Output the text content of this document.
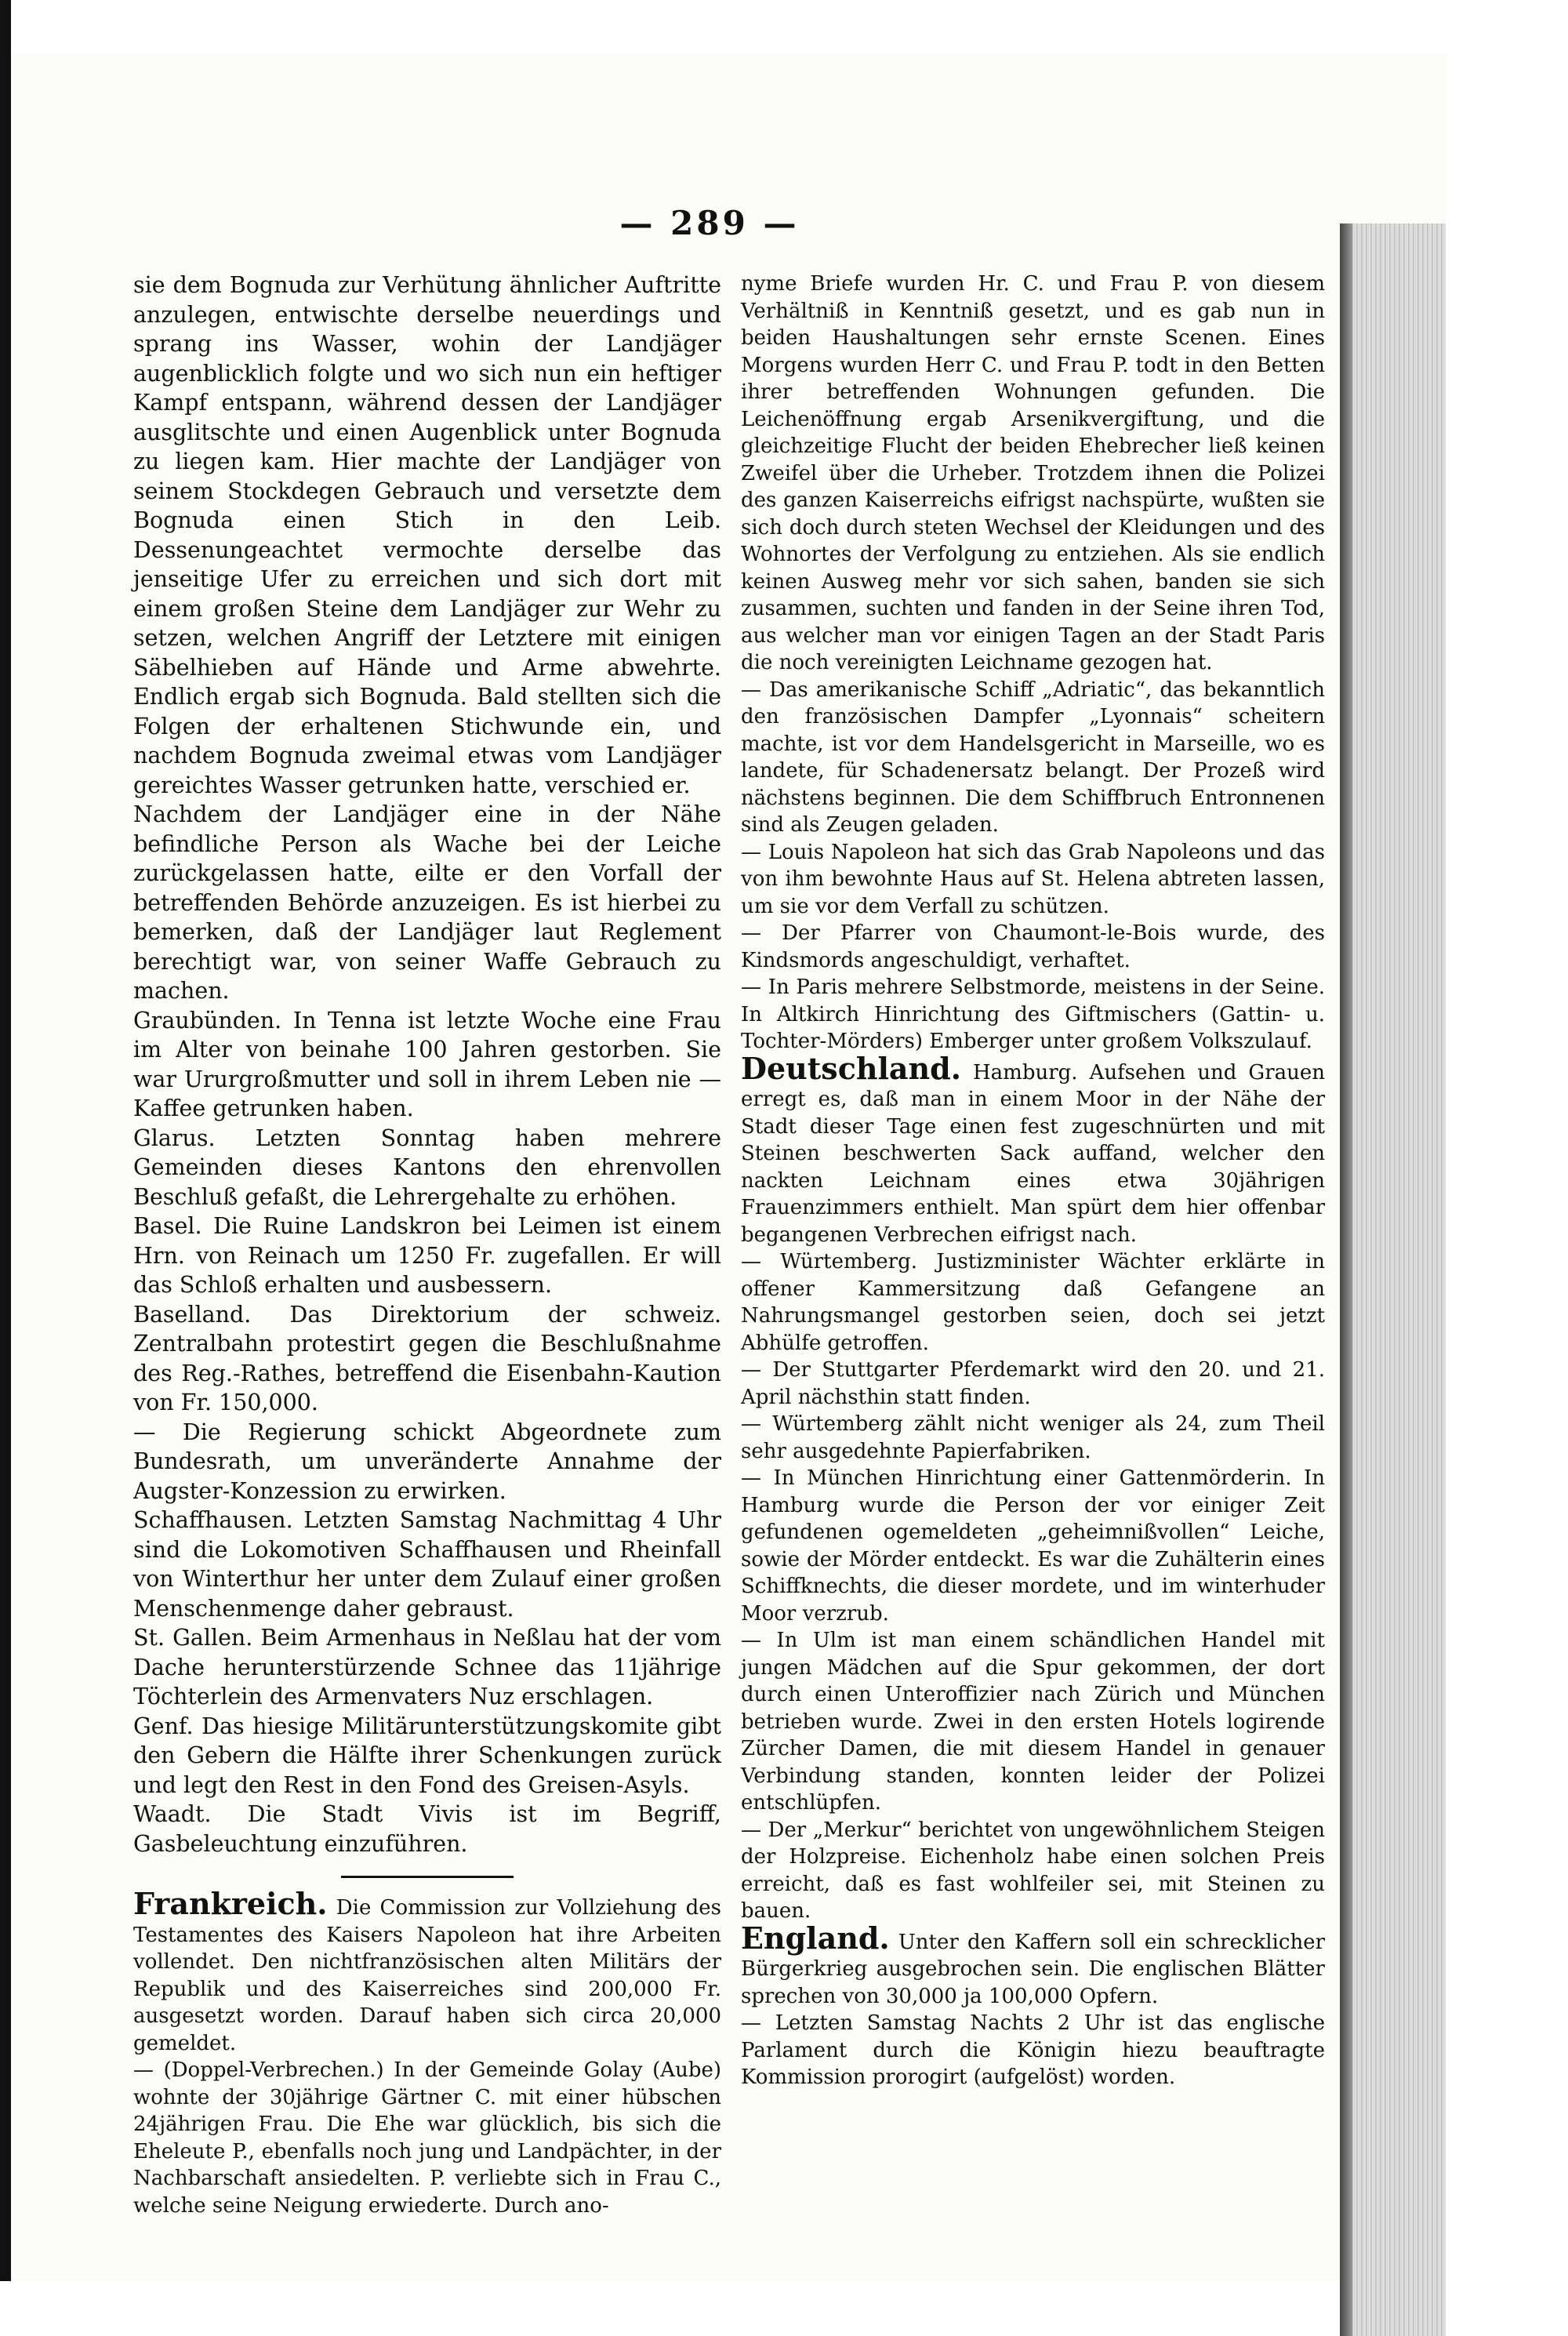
— 289 —

sie dem Bognuda zur Verhütung ähnlicher Auftritte anzulegen, entwischte derselbe neuerdings und sprang ins Wasser, wohin der Landjäger augenblicklich folgte und wo sich nun ein heftiger Kampf entspann, während dessen der Landjäger ausglitschte und einen Augenblick unter Bognuda zu liegen kam. Hier machte der Landjäger von seinem Stockdegen Gebrauch und versetzte dem Bognuda einen Stich in den Leib. Dessenungeachtet vermochte derselbe das jenseitige Ufer zu erreichen und sich dort mit einem großen Steine dem Landjäger zur Wehr zu setzen, welchen Angriff der Letztere mit einigen Säbelhieben auf Hände und Arme abwehrte. Endlich ergab sich Bognuda. Bald stellten sich die Folgen der erhaltenen Stichwunde ein, und nachdem Bognuda zweimal etwas vom Landjäger gereichtes Wasser getrunken hatte, verschied er.

Nachdem der Landjäger eine in der Nähe befindliche Person als Wache bei der Leiche zurückgelassen hatte, eilte er den Vorfall der betreffenden Behörde anzuzeigen. Es ist hierbei zu bemerken, daß der Landjäger laut Reglement berechtigt war, von seiner Waffe Gebrauch zu machen.

Graubünden. In Tenna ist letzte Woche eine Frau im Alter von beinahe 100 Jahren gestorben. Sie war Ururgroßmutter und soll in ihrem Leben nie — Kaffee getrunken haben.

Glarus. Letzten Sonntag haben mehrere Gemeinden dieses Kantons den ehrenvollen Beschluß gefaßt, die Lehrergehalte zu erhöhen.

Basel. Die Ruine Landskron bei Leimen ist einem Hrn. von Reinach um 1250 Fr. zugefallen. Er will das Schloß erhalten und ausbessern.

Baselland. Das Direktorium der schweiz. Zentralbahn protestirt gegen die Beschlußnahme des Reg.-Rathes, betreffend die Eisenbahn-Kaution von Fr. 150,000.

— Die Regierung schickt Abgeordnete zum Bundesrath, um unveränderte Annahme der Augster-Konzession zu erwirken.

Schaffhausen. Letzten Samstag Nachmittag 4 Uhr sind die Lokomotiven Schaffhausen und Rheinfall von Winterthur her unter dem Zulauf einer großen Menschenmenge daher gebraust.

St. Gallen. Beim Armenhaus in Neßlau hat der vom Dache herunterstürzende Schnee das 11jährige Töchterlein des Armenvaters Nuz erschlagen.

Genf. Das hiesige Militärunterstützungskomite gibt den Gebern die Hälfte ihrer Schenkungen zurück und legt den Rest in den Fond des Greisen-Asyls.

Waadt. Die Stadt Vivis ist im Begriff, Gasbeleuchtung einzuführen.

Frankreich. Die Commission zur Vollziehung des Testamentes des Kaisers Napoleon hat ihre Arbeiten vollendet. Den nichtfranzösischen alten Militärs der Republik und des Kaiserreiches sind 200,000 Fr. ausgesetzt worden. Darauf haben sich circa 20,000 gemeldet.

— (Doppel-Verbrechen.) In der Gemeinde Golay (Aube) wohnte der 30jährige Gärtner C. mit einer hübschen 24jährigen Frau. Die Ehe war glücklich, bis sich die Eheleute P., ebenfalls noch jung und Landpächter, in der Nachbarschaft ansiedelten. P. verliebte sich in Frau C., welche seine Neigung erwiederte. Durch ano-

nyme Briefe wurden Hr. C. und Frau P. von diesem Verhältniß in Kenntniß gesetzt, und es gab nun in beiden Haushaltungen sehr ernste Scenen. Eines Morgens wurden Herr C. und Frau P. todt in den Betten ihrer betreffenden Wohnungen gefunden. Die Leichenöffnung ergab Arsenikvergiftung, und die gleichzeitige Flucht der beiden Ehebrecher ließ keinen Zweifel über die Urheber. Trotzdem ihnen die Polizei des ganzen Kaiserreichs eifrigst nachspürte, wußten sie sich doch durch steten Wechsel der Kleidungen und des Wohnortes der Verfolgung zu entziehen. Als sie endlich keinen Ausweg mehr vor sich sahen, banden sie sich zusammen, suchten und fanden in der Seine ihren Tod, aus welcher man vor einigen Tagen an der Stadt Paris die noch vereinigten Leichname gezogen hat.

— Das amerikanische Schiff „Adriatic“, das bekanntlich den französischen Dampfer „Lyonnais“ scheitern machte, ist vor dem Handelsgericht in Marseille, wo es landete, für Schadenersatz belangt. Der Prozeß wird nächstens beginnen. Die dem Schiffbruch Entronnenen sind als Zeugen geladen.

— Louis Napoleon hat sich das Grab Napoleons und das von ihm bewohnte Haus auf St. Helena abtreten lassen, um sie vor dem Verfall zu schützen.

— Der Pfarrer von Chaumont-le-Bois wurde, des Kindsmords angeschuldigt, verhaftet.

— In Paris mehrere Selbstmorde, meistens in der Seine. In Altkirch Hinrichtung des Giftmischers (Gattin- u. Tochter-Mörders) Emberger unter großem Volkszulauf.

Deutschland. Hamburg. Aufsehen und Grauen erregt es, daß man in einem Moor in der Nähe der Stadt dieser Tage einen fest zugeschnürten und mit Steinen beschwerten Sack auffand, welcher den nackten Leichnam eines etwa 30jährigen Frauenzimmers enthielt. Man spürt dem hier offenbar begangenen Verbrechen eifrigst nach.

— Würtemberg. Justizminister Wächter erklärte in offener Kammersitzung daß Gefangene an Nahrungsmangel gestorben seien, doch sei jetzt Abhülfe getroffen.

— Der Stuttgarter Pferdemarkt wird den 20. und 21. April nächsthin statt finden.

— Würtemberg zählt nicht weniger als 24, zum Theil sehr ausgedehnte Papierfabriken.

— In München Hinrichtung einer Gattenmörderin. In Hamburg wurde die Person der vor einiger Zeit gefundenen ogemeldeten „geheimnißvollen“ Leiche, sowie der Mörder entdeckt. Es war die Zuhälterin eines Schiffknechts, die dieser mordete, und im winterhuder Moor verzrub.

— In Ulm ist man einem schändlichen Handel mit jungen Mädchen auf die Spur gekommen, der dort durch einen Unteroffizier nach Zürich und München betrieben wurde. Zwei in den ersten Hotels logirende Zürcher Damen, die mit diesem Handel in genauer Verbindung standen, konnten leider der Polizei entschlüpfen.

— Der „Merkur“ berichtet von ungewöhnlichem Steigen der Holzpreise. Eichenholz habe einen solchen Preis erreicht, daß es fast wohlfeiler sei, mit Steinen zu bauen.

England. Unter den Kaffern soll ein schrecklicher Bürgerkrieg ausgebrochen sein. Die englischen Blätter sprechen von 30,000 ja 100,000 Opfern.

— Letzten Samstag Nachts 2 Uhr ist das englische Parlament durch die Königin hiezu beauftragte Kommission prorogirt (aufgelöst) worden.
